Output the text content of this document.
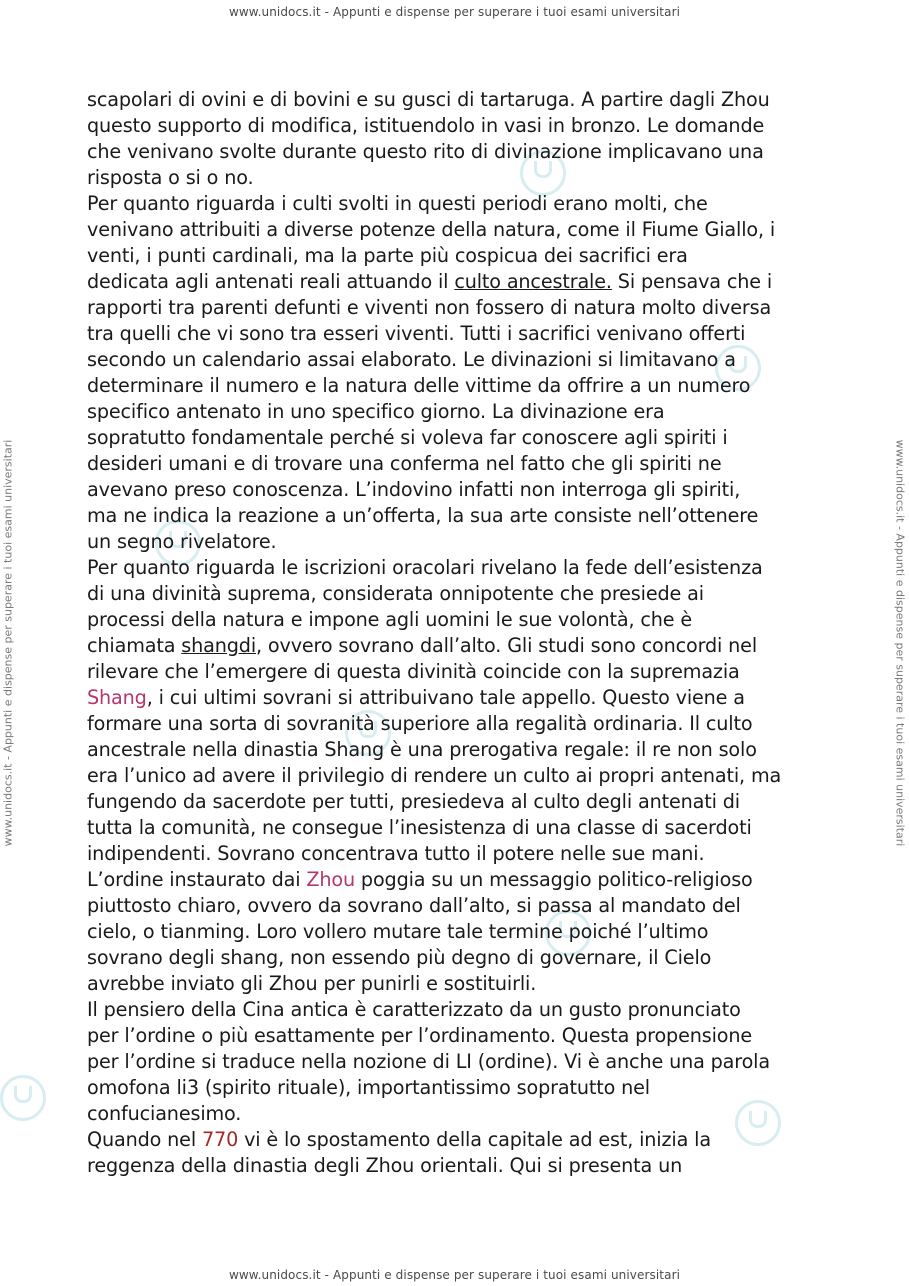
www.unidocs.it - Appunti e dispense per superare i tuoi esami universitari
www.unidocs.it - Appunti e dispense per superare i tuoi esami universitari	www.unidocs.it - Appunti e dispense per superare i tuoi esami universitari

scapolari di ovini e di bovini e su gusci di tartaruga. A partire dagli Zhou
questo supporto di modifica, istituendolo in vasi in bronzo. Le domande
che venivano svolte durante questo rito di divinazione implicavano una
risposta o si o no.

Per quanto riguarda i culti svolti in questi periodi erano molti, che
venivano attribuiti a diverse potenze della natura, come il Fiume Giallo, i
venti, i punti cardinali, ma la parte più cospicua dei sacrifici era
dedicata agli antenati reali attuando il culto ancestrale. Si pensava che i
rapporti tra parenti defunti e viventi non fossero di natura molto diversa
tra quelli che vi sono tra esseri viventi. Tutti i sacrifici venivano offerti
secondo un calendario assai elaborato. Le divinazioni si limitavano a
determinare il numero e la natura delle vittime da offrire a un numero
specifico antenato in uno specifico giorno. La divinazione era
sopratutto fondamentale perché si voleva far conoscere agli spiriti i
desideri umani e di trovare una conferma nel fatto che gli spiriti ne
avevano preso conoscenza. L’indovino infatti non interroga gli spiriti,
ma ne indica la reazione a un’offerta, la sua arte consiste nell’ottenere
un segno rivelatore.

Per quanto riguarda le iscrizioni oracolari rivelano la fede dell’esistenza
di una divinità suprema, considerata onnipotente che presiede ai
processi della natura e impone agli uomini le sue volontà, che è
chiamata shangdi, ovvero sovrano dall’alto. Gli studi sono concordi nel
rilevare che l’emergere di questa divinità coincide con la supremazia
Shang, i cui ultimi sovrani si attribuivano tale appello. Questo viene a
formare una sorta di sovranità superiore alla regalità ordinaria. Il culto
ancestrale nella dinastia Shang è una prerogativa regale: il re non solo
era l’unico ad avere il privilegio di rendere un culto ai propri antenati, ma
fungendo da sacerdote per tutti, presiedeva al culto degli antenati di
tutta la comunità, ne consegue l’inesistenza di una classe di sacerdoti
indipendenti. Sovrano concentrava tutto il potere nelle sue mani.

L’ordine instaurato dai Zhou poggia su un messaggio politico-religioso
piuttosto chiaro, ovvero da sovrano dall’alto, si passa al mandato del
cielo, o tianming. Loro vollero mutare tale termine poiché l’ultimo
sovrano degli shang, non essendo più degno di governare, il Cielo
avrebbe inviato gli Zhou per punirli e sostituirli.

Il pensiero della Cina antica è caratterizzato da un gusto pronunciato
per l’ordine o più esattamente per l’ordinamento. Questa propensione
per l’ordine si traduce nella nozione di LI (ordine). Vi è anche una parola
omofona li3 (spirito rituale), importantissimo sopratutto nel
confucianesimo.

Quando nel 770 vi è lo spostamento della capitale ad est, inizia la
reggenza della dinastia degli Zhou orientali. Qui si presenta un

www.unidocs.it - Appunti e dispense per superare i tuoi esami universitari
